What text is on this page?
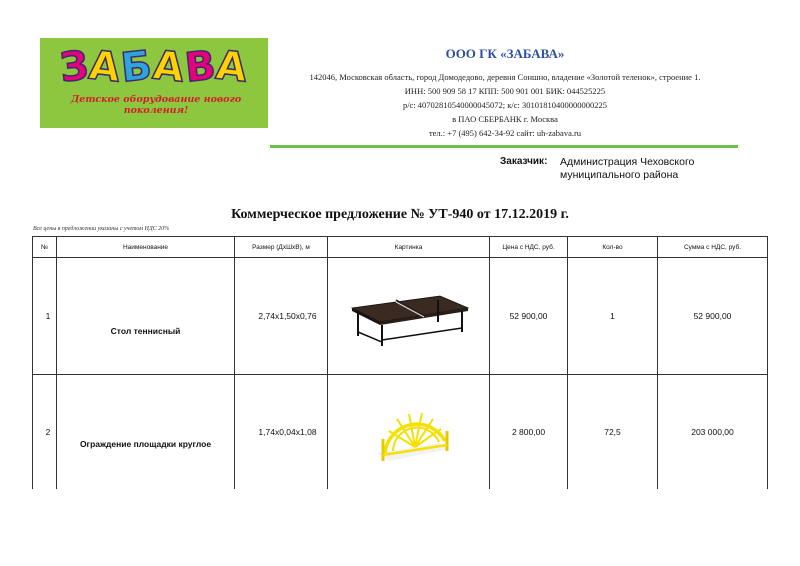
ЗАБАВА
Детское оборудование нового поколения!
ООО ГК «ЗАБАВА»
142046, Московская область, город Домодедово, деревня Соншно, владение «Золотой теленок», строение 1.
ИНН: 500 909 58 17 КПП: 500 901 001 БИК: 044525225
р/с: 40702810540000045072; к/с: 30101810400000000225
в ПАО СБЕРБАНК г. Москва
тел.: +7 (495) 642-34-92 сайт: uh-zabava.ru
Заказчик: Администрация Чеховского муниципального района
Коммерческое предложение № УТ-940 от 17.12.2019 г.
Все цены в предложении указаны с учетом НДС 20%
№	Наименование	Размер (ДхШхВ), м	Картинка	Цена с НДС, руб.	Кол-во	Сумма с НДС, руб.
1	Стол теннисный	2,74x1,50x0,76		52 900,00	1	52 900,00
2	Ограждение площадки круглое	1,74x0,04x1,08		2 800,00	72,5	203 000,00
